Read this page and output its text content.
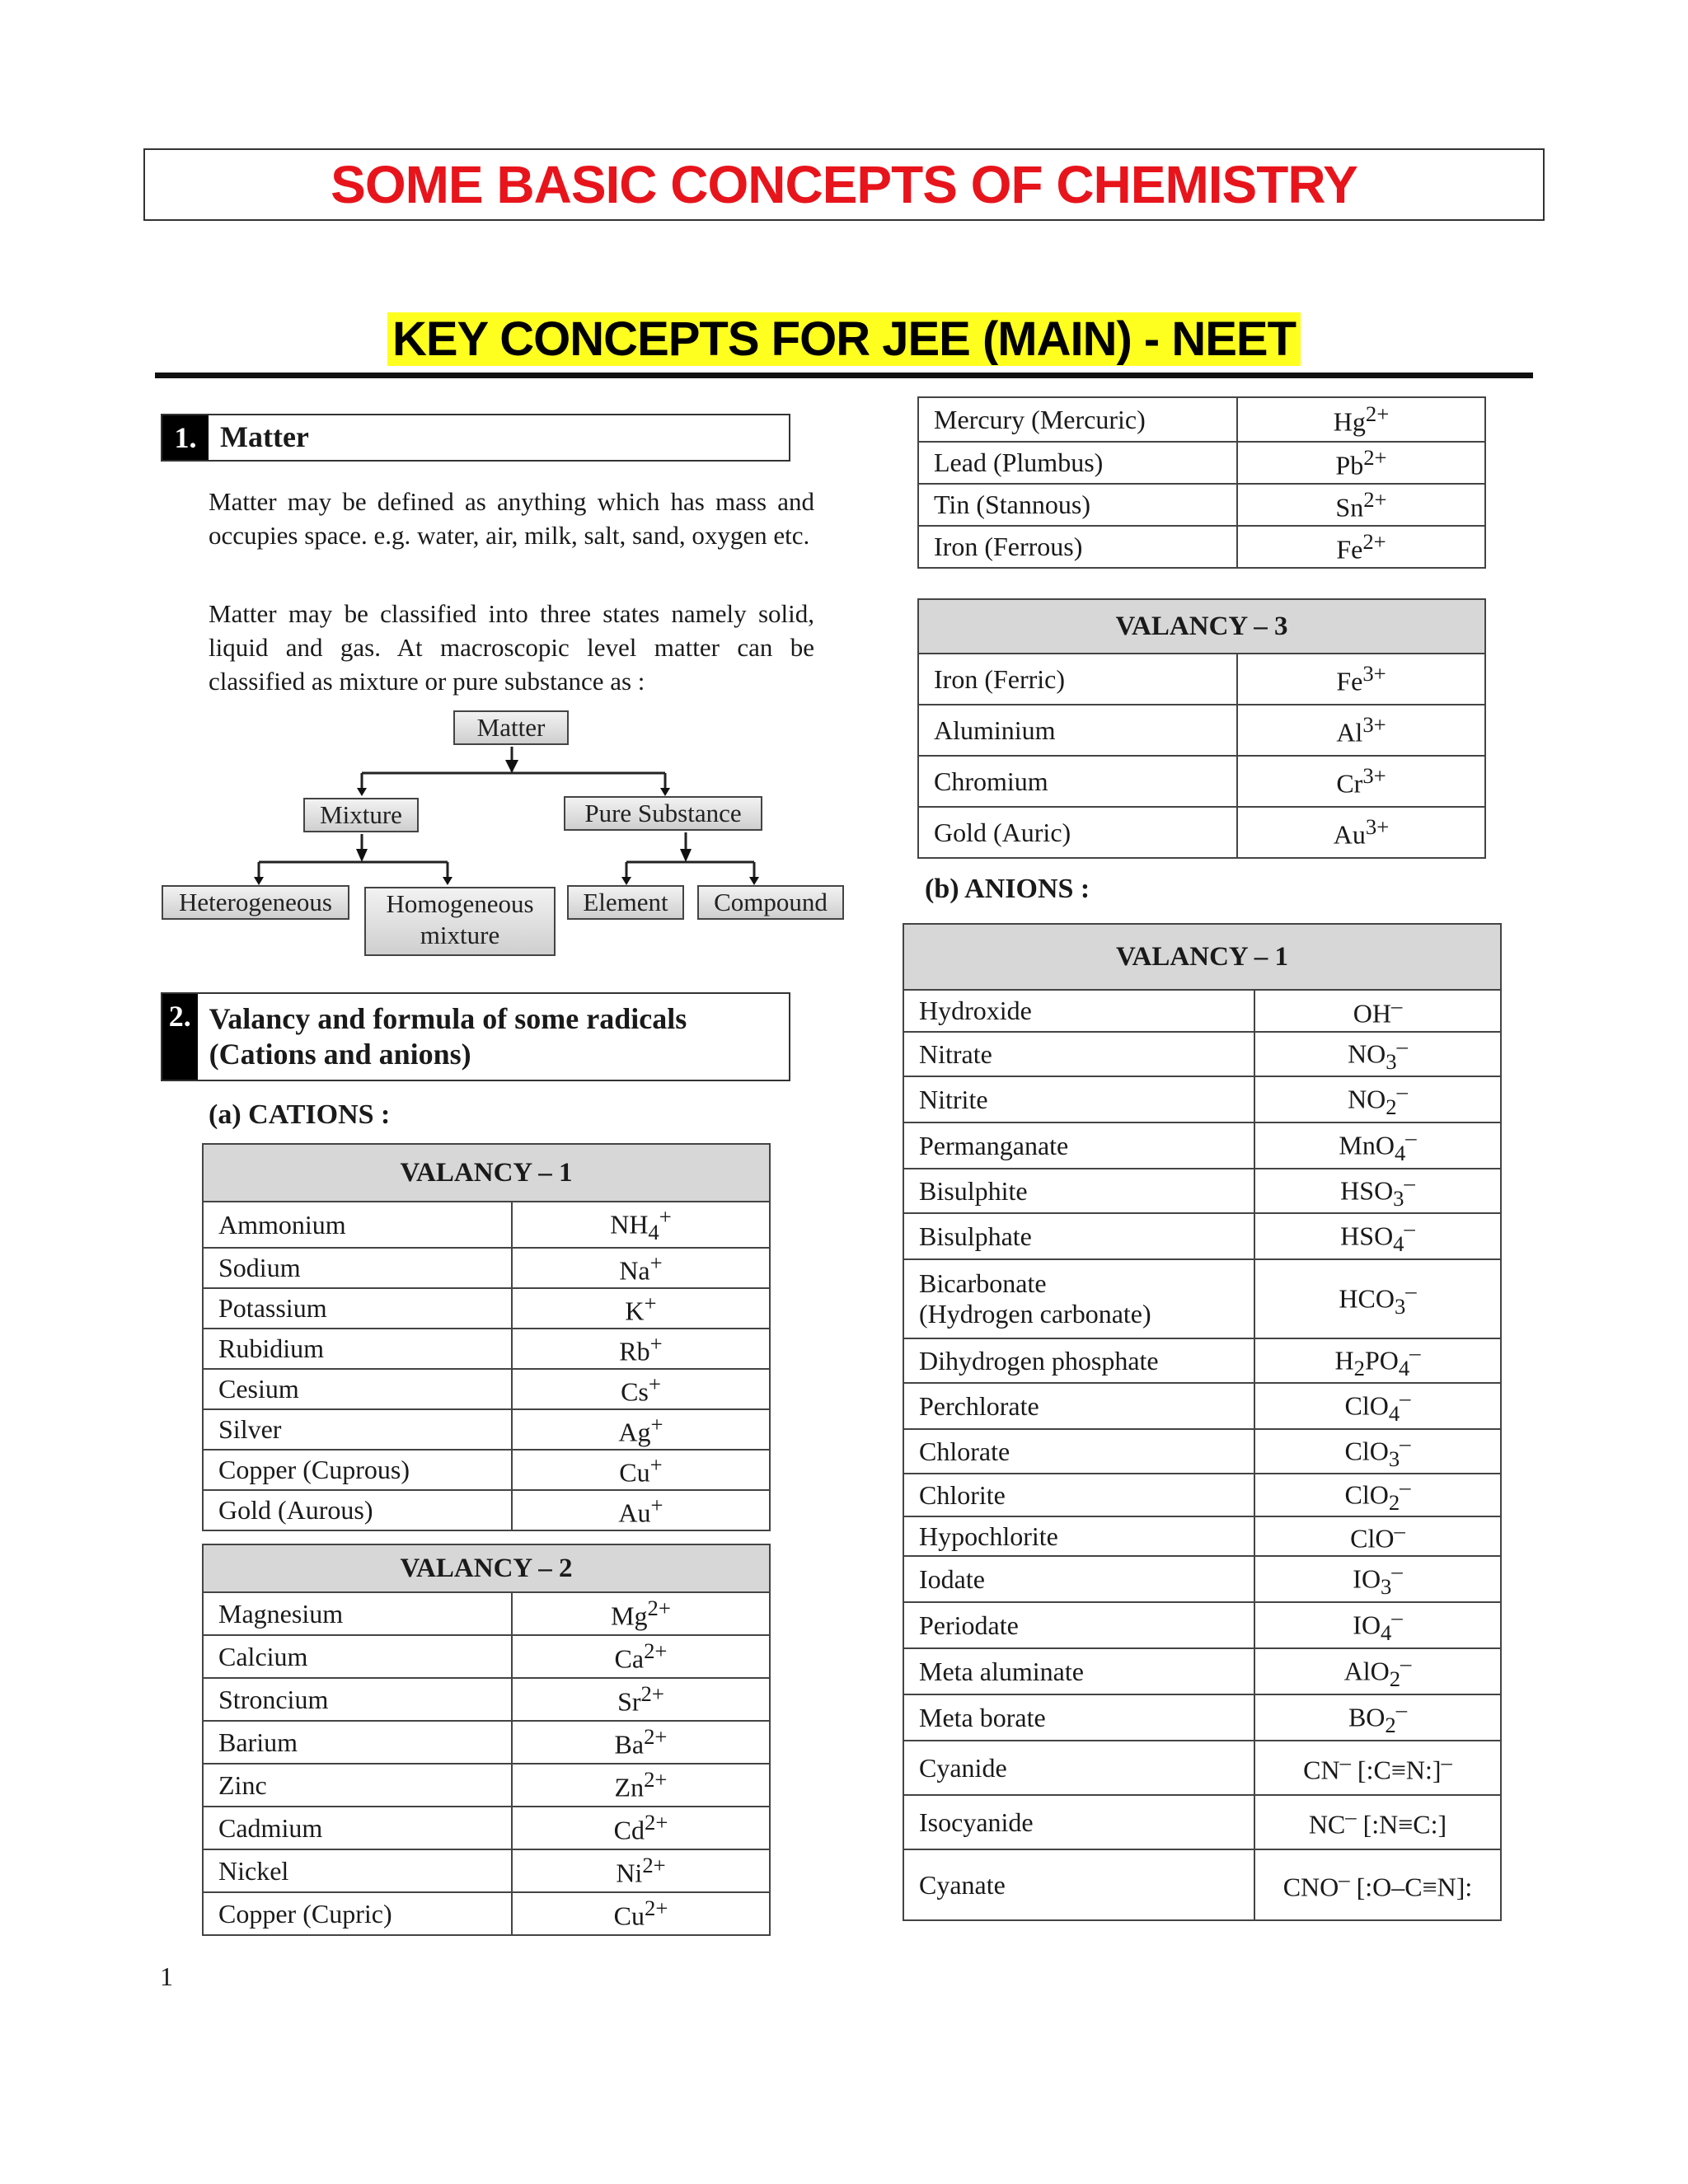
SOME BASIC CONCEPTS OF CHEMISTRY
KEY CONCEPTS FOR JEE (MAIN) - NEET
1. Matter
Matter may be defined as anything which has mass and occupies space. e.g. water, air, milk, salt, sand, oxygen etc.
Matter may be classified into three states namely solid, liquid and gas. At macroscopic level matter can be classified as mixture or pure substance as :
Matter
Mixture	Pure Substance
Heterogeneous	Homogeneous mixture
Element	Compound
2. Valancy and formula of some radicals (Cations and anions)
(a) CATIONS :
(b) ANIONS :
VALANCY – 1	
Ammonium	$NH_4^+$
Sodium	Na+
Potassium	K+
Rubidium	Rb+
Cesium	Cs+
Silver	Ag+
Copper (Cuprous)	Cu+
Gold (Aurous)	Au+
VALANCY – 2	
Magnesium	$Mg^{2+}$
Calcium	$Ca^{2+}$
Stroncium	$Sr^{2+}$
Barium	$Ba^{2+}$
Zinc	$Zn^{2+}$
Cadmium	$Cd^{2+}$
Nickel	$Ni^{2+}$
Copper (Cupric)	$Cu^{2+}$
Mercury (Mercuric)	$Hg^{2+}$
Lead (Plumbus)	$Pb^{2+}$
Tin (Stannous)	$Sn^{2+}$
Iron (Ferrous)	$Fe^{2+}$
VALANCY – 3	
Iron (Ferric)	$Fe^{3+}$
Aluminium	$Al^{3+}$
Chromium	$Cr^{3+}$
Gold (Auric)	$Au^{3+}$
VALANCY – 1	
Hydroxide	OH–
Nitrate	$NO_3^-$
Nitrite	$NO_2^-$
Permanganate	MnO$_4$–
Bisulphite	$HSO_3^-$
Bisulphate	$HSO_4^-$
Bicarbonate
(Hydrogen carbonate)	$HCO_3^-$
Dihydrogen phosphate	$H_2PO_4^-$
Perchlorate	ClO$_4$–
Chlorate	ClO$_3$–
Chlorite	ClO$_2$–
Hypochlorite	ClO–
Iodate	$IO_3^-$
Periodate	$IO_4^-$
Meta aluminate	AlO$_2$–
Meta borate	$BO_2^-$
Cyanide	CN– [:C≡N:]–
Isocyanide	NC– [:N≡C:]
Cyanate	CNO– [:O–C≡N]:
1
